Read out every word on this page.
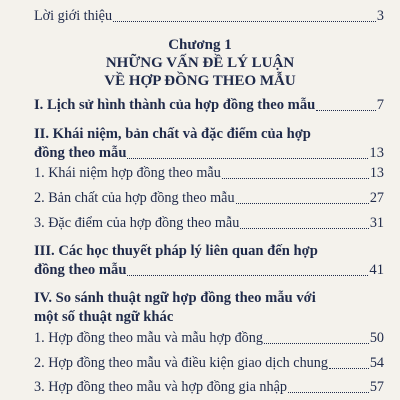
Lời giới thiệu	3
Chương 1
NHỮNG VẤN ĐỀ LÝ LUẬN
VỀ HỢP ĐỒNG THEO MẪU
I. Lịch sử hình thành của hợp đồng theo mẫu	7
II. Khái niệm, bản chất và đặc điểm của hợp
đồng theo mẫu	13
1. Khái niệm hợp đồng theo mẫu	13
2. Bản chất của hợp đồng theo mẫu	27
3. Đặc điểm của hợp đồng theo mẫu	31
III. Các học thuyết pháp lý liên quan đến hợp
đồng theo mẫu	41
IV. So sánh thuật ngữ hợp đồng theo mẫu với
một số thuật ngữ khác
1. Hợp đồng theo mẫu và mẫu hợp đồng	50
2. Hợp đồng theo mẫu và điều kiện giao dịch chung	54
3. Hợp đồng theo mẫu và hợp đồng gia nhập	57
